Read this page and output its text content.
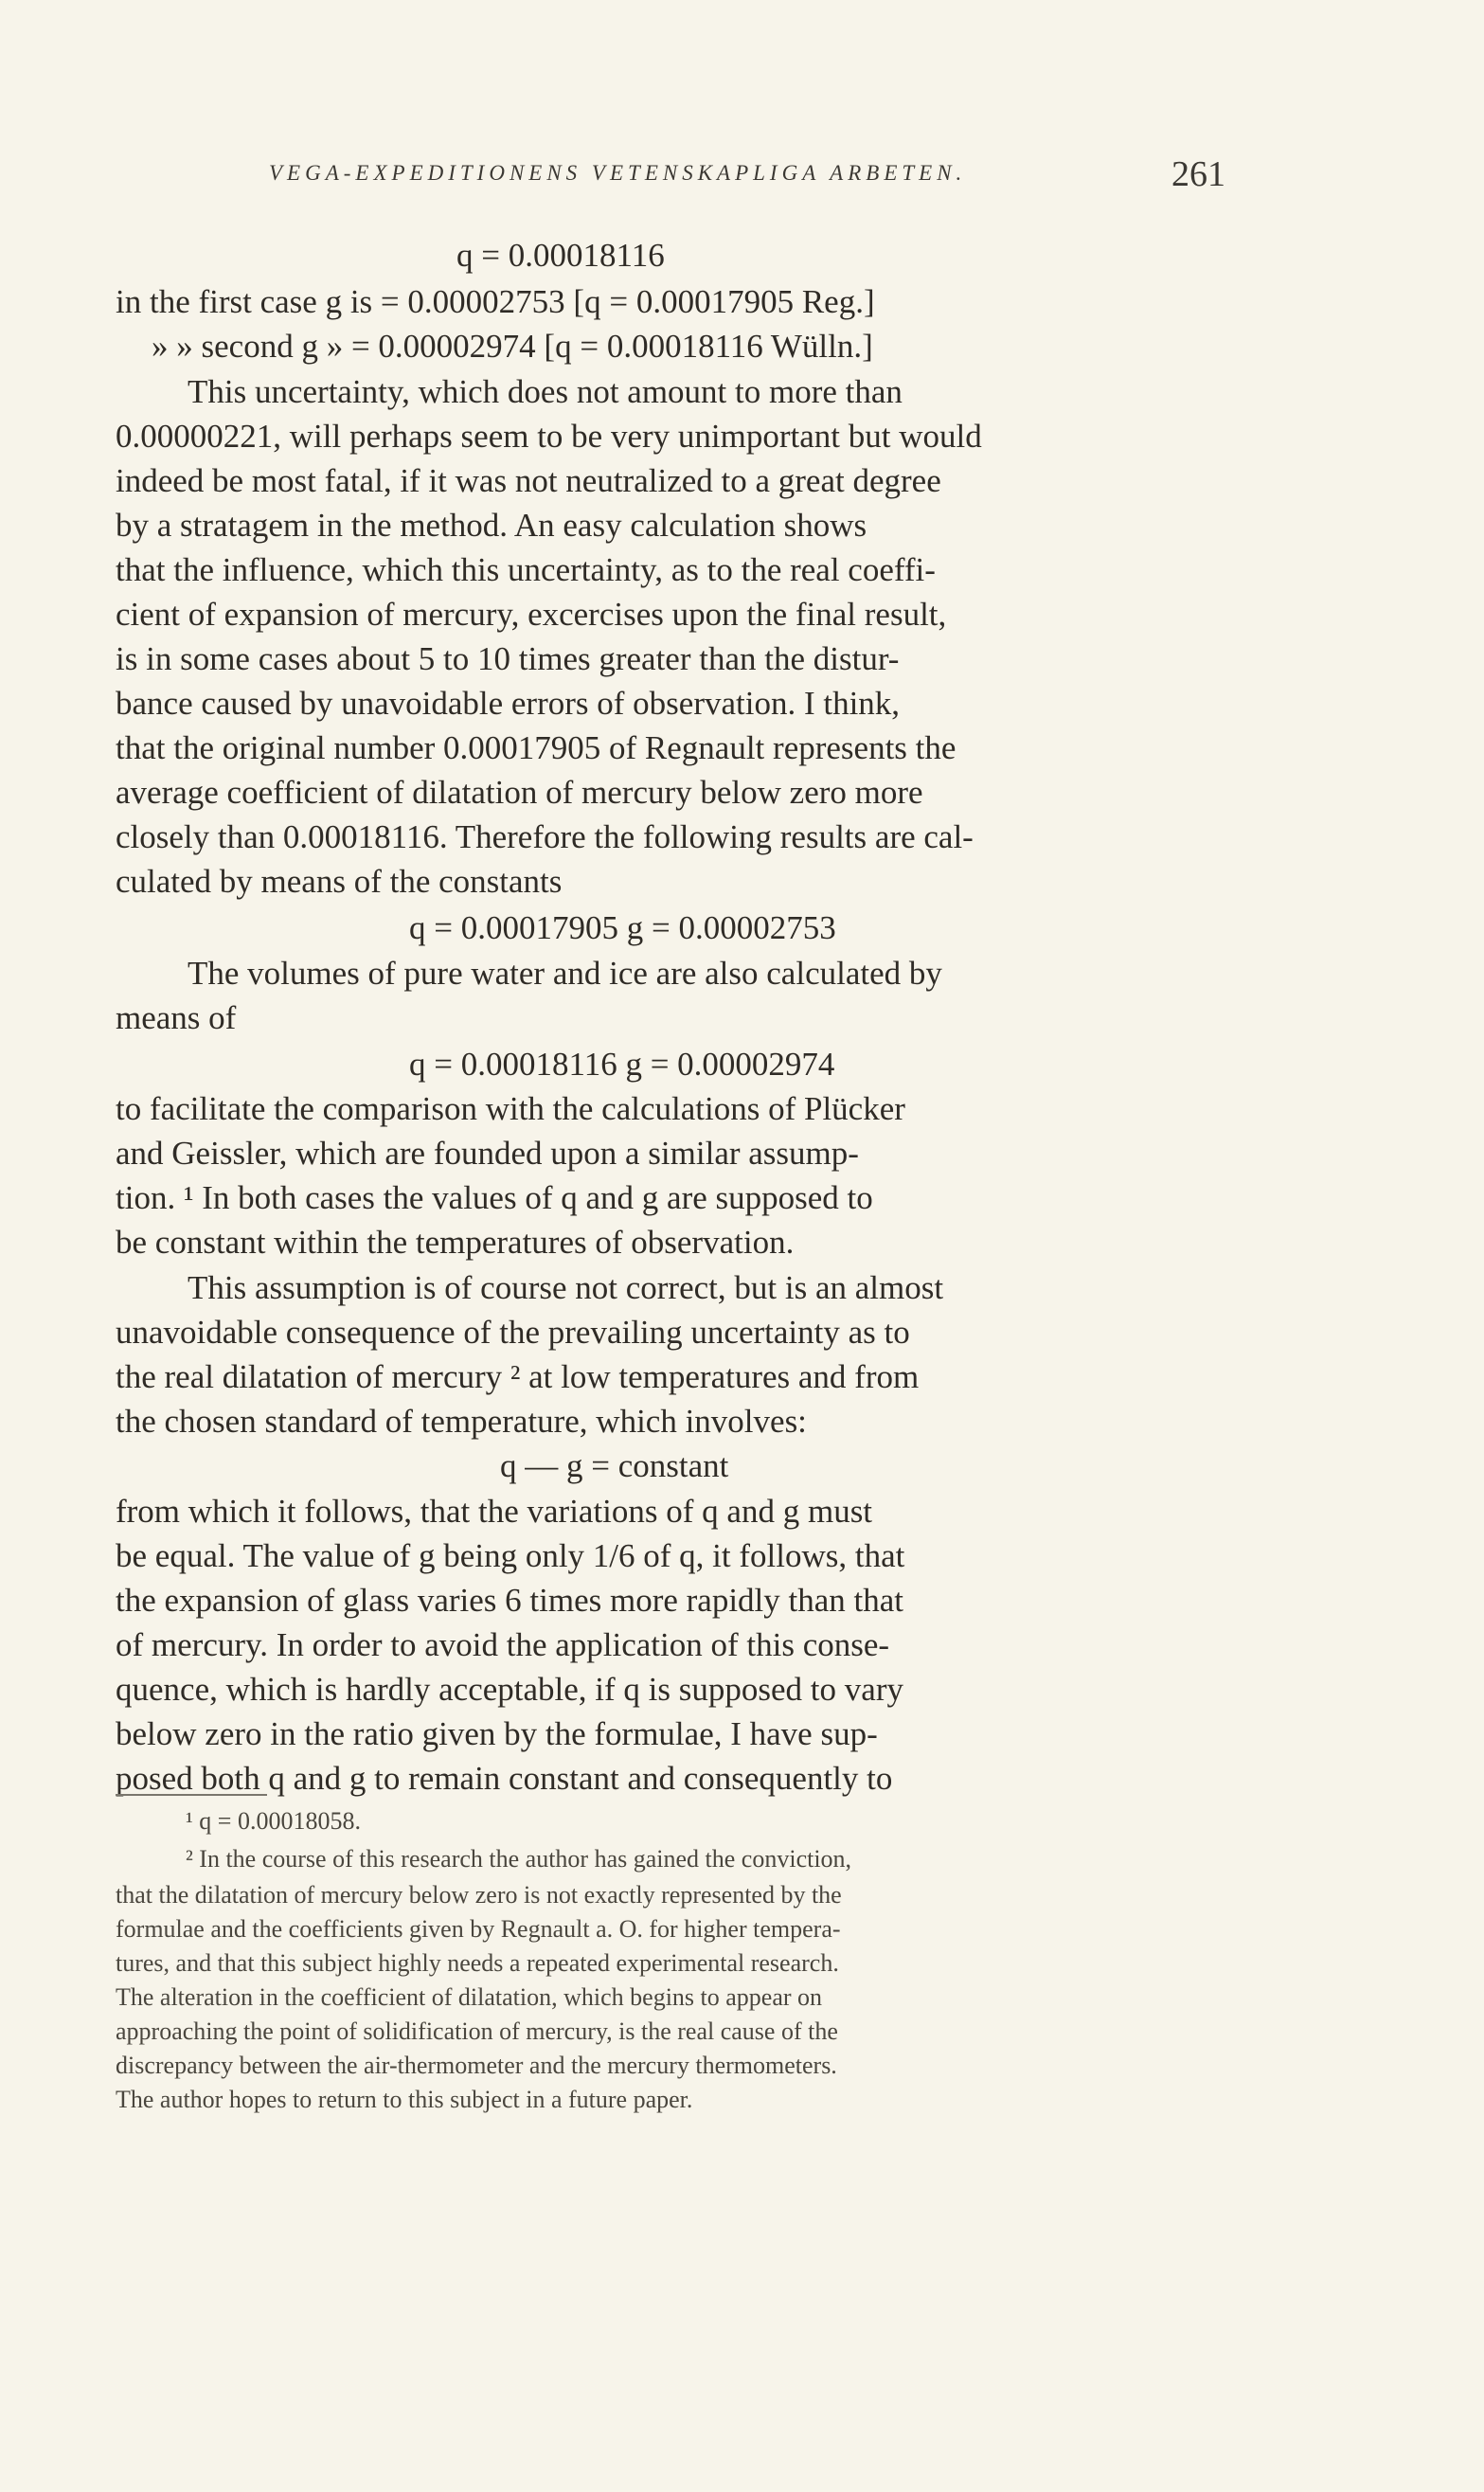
VEGA-EXPEDITIONENS VETENSKAPLIGA ARBETEN.	261
q = 0.00018116
in the first case g is = 0.00002753 [q = 0.00017905 Reg.]
» » second g » = 0.00002974 [q = 0.00018116 Wülln.]
This uncertainty, which does not amount to more than
0.00000221, will perhaps seem to be very unimportant but would
indeed be most fatal, if it was not neutralized to a great degree
by a stratagem in the method. An easy calculation shows
that the influence, which this uncertainty, as to the real coeffi-
cient of expansion of mercury, excercises upon the final result,
is in some cases about 5 to 10 times greater than the distur-
bance caused by unavoidable errors of observation. I think,
that the original number 0.00017905 of Regnault represents the
average coefficient of dilatation of mercury below zero more
closely than 0.00018116. Therefore the following results are cal-
culated by means of the constants
q = 0.00017905 g = 0.00002753
The volumes of pure water and ice are also calculated by
means of
q = 0.00018116 g = 0.00002974
to facilitate the comparison with the calculations of Plücker
and Geissler, which are founded upon a similar assump-
tion. ¹ In both cases the values of q and g are supposed to
be constant within the temperatures of observation.
This assumption is of course not correct, but is an almost
unavoidable consequence of the prevailing uncertainty as to
the real dilatation of mercury ² at low temperatures and from
the chosen standard of temperature, which involves:
q — g = constant
from which it follows, that the variations of q and g must
be equal. The value of g being only 1/6 of q, it follows, that
the expansion of glass varies 6 times more rapidly than that
of mercury. In order to avoid the application of this conse-
quence, which is hardly acceptable, if q is supposed to vary
below zero in the ratio given by the formulae, I have sup-
posed both q and g to remain constant and consequently to
¹ q = 0.00018058.
² In the course of this research the author has gained the conviction,
that the dilatation of mercury below zero is not exactly represented by the
formulae and the coefficients given by Regnault a. O. for higher tempera-
tures, and that this subject highly needs a repeated experimental research.
The alteration in the coefficient of dilatation, which begins to appear on
approaching the point of solidification of mercury, is the real cause of the
discrepancy between the air-thermometer and the mercury thermometers.
The author hopes to return to this subject in a future paper.
